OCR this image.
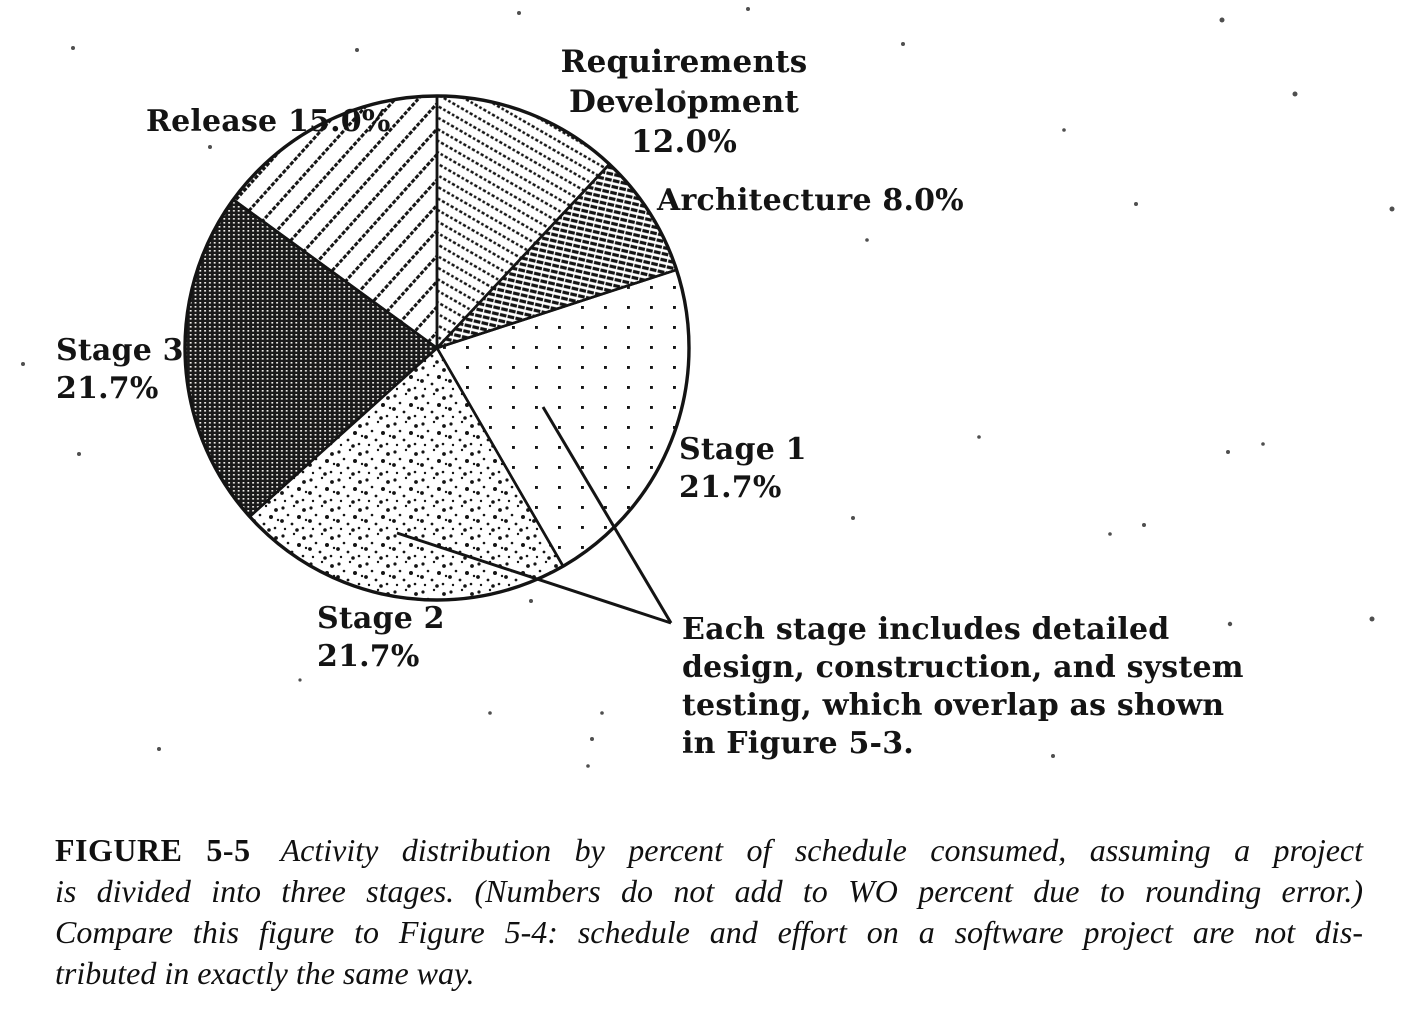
Requirements
Development 12.0%
Release 15.0%
Architecture 8.0%
Stage 3
21.7%
Stage 1
21.7%
Stage 2
21.7%
Each stage includes detailed
design, construction, and system
testing, which overlap as shown
in Figure 5-3.
FIGURE 5-5 Activity distribution by percent of schedule consumed, assuming a project
is divided into three stages. (Numbers do not add to WO percent due to rounding error.)
Compare this figure to Figure 5-4: schedule and effort on a software project are not dis-
tributed in exactly the same way.
